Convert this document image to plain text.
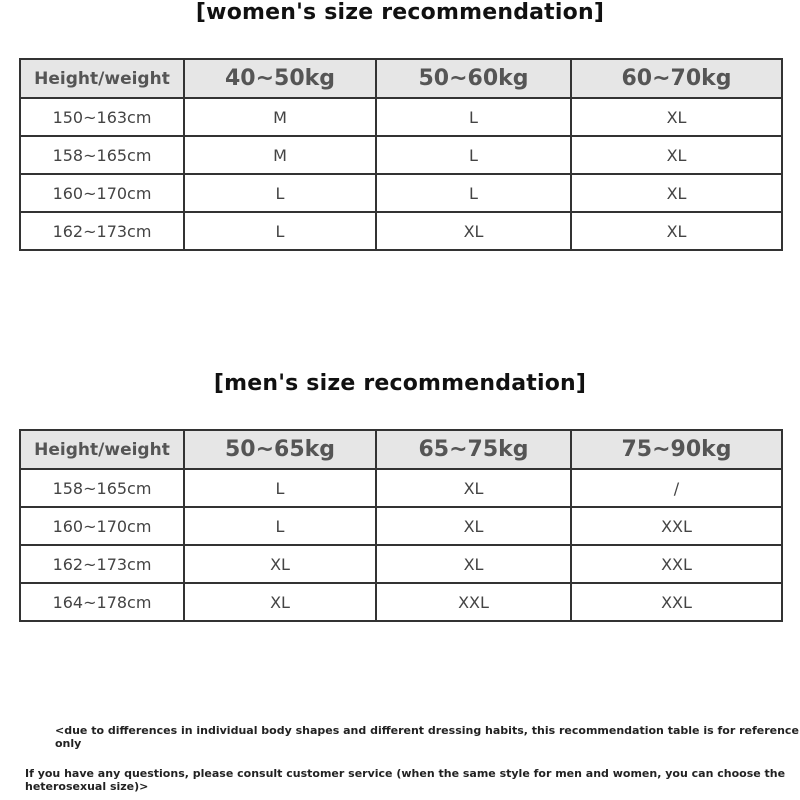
[women's size recommendation]
Height/weight	40~50kg	50~60kg	60~70kg
150~163cm	M	L	XL
158~165cm	M	L	XL
160~170cm	L	L	XL
162~173cm	L	XL	XL
[men's size recommendation]
Height/weight	50~65kg	65~75kg	75~90kg
158~165cm	L	XL	/
160~170cm	L	XL	XXL
162~173cm	XL	XL	XXL
164~178cm	XL	XXL	XXL
<due to differences in individual body shapes and different dressing habits, this recommendation table is for reference only
If you have any questions, please consult customer service (when the same style for men and women, you can choose the heterosexual size)>
